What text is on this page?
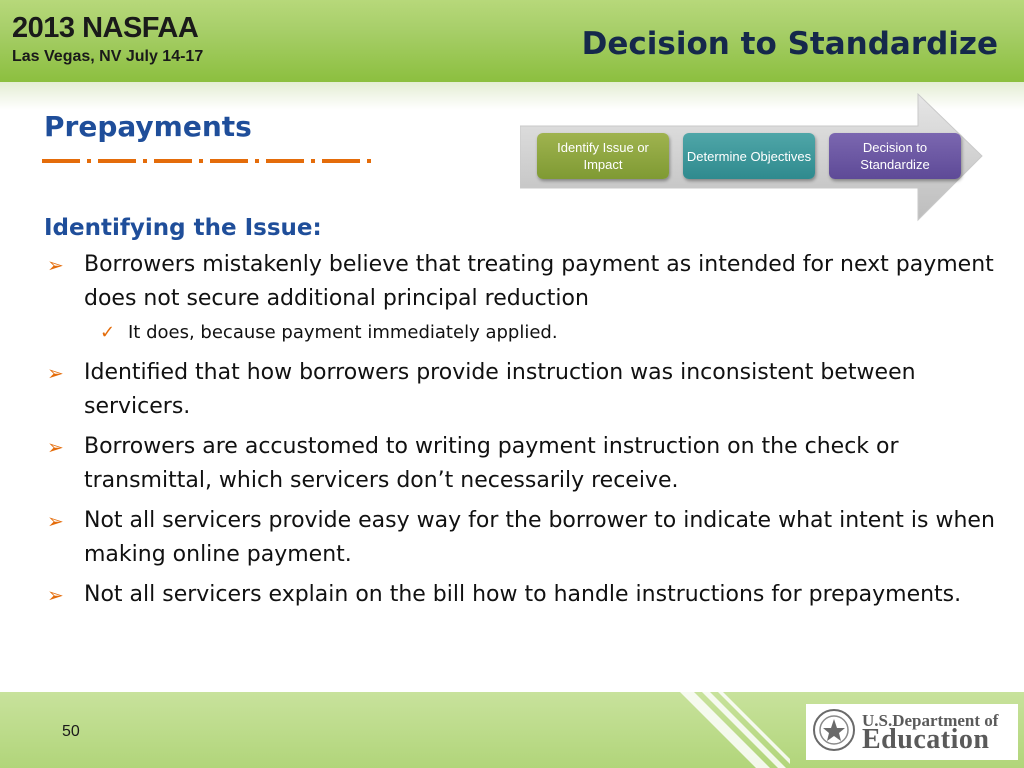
2013 NASFAA
Las Vegas, NV July 14-17	Decision to Standardize
Prepayments
Identify Issue or Impact
Determine Objectives
Decision to Standardize
Identifying the Issue:
➢ Borrowers mistakenly believe that treating payment as intended for next payment does not secure additional principal reduction
✓ It does, because payment immediately applied.
➢ Identified that how borrowers provide instruction was inconsistent between servicers.
➢ Borrowers are accustomed to writing payment instruction on the check or transmittal, which servicers don’t necessarily receive.
➢ Not all servicers provide easy way for the borrower to indicate what intent is when making online payment.
➢ Not all servicers explain on the bill how to handle instructions for prepayments.
50
U.S.Department of
Education
